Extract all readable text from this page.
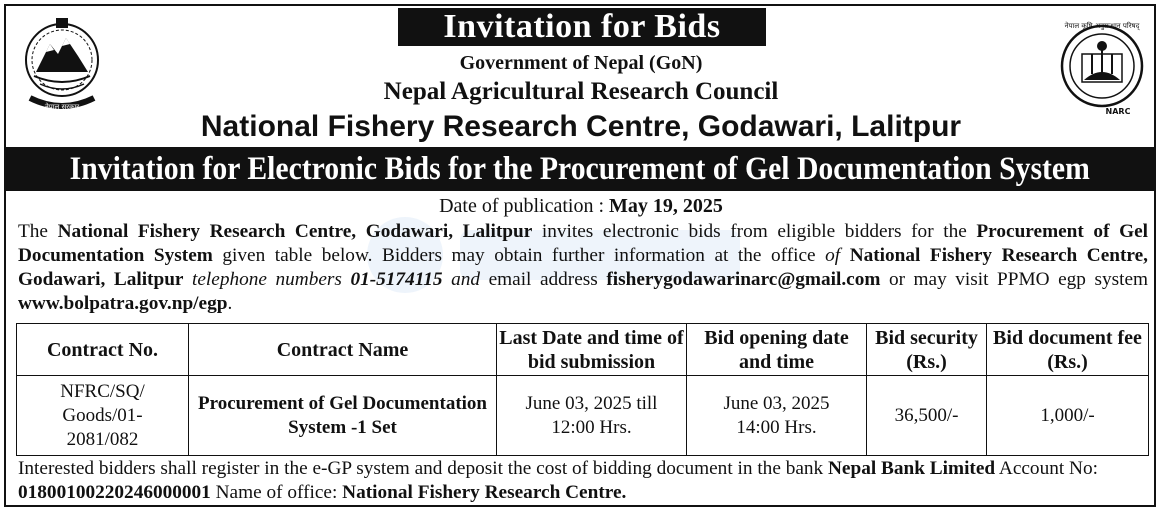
नेपाल सरकार
नेपाल कृषि अनुसन्धान परिषद्
NARC
Invitation for Bids
Government of Nepal (GoN)
Nepal Agricultural Research Council
National Fishery Research Centre, Godawari, Lalitpur
Invitation for Electronic Bids for the Procurement of Gel Documentation System
Date of publication : May 19, 2025
The National Fishery Research Centre, Godawari, Lalitpur invites electronic bids from eligible bidders for the Procurement of Gel Documentation System given table below. Bidders may obtain further information at the office of National Fishery Research Centre, Godawari, Lalitpur telephone numbers 01-5174115 and email address fisherygodawarinarc@gmail.com or may visit PPMO egp system www.bolpatra.gov.np/egp.
Contract No.	Contract Name	Last Date and time of bid submission	Bid opening date and time	Bid security (Rs.)	Bid document fee (Rs.)
NFRC/SQ/ Goods/01- 2081/082	Procurement of Gel Documentation System -1 Set	June 03, 2025 till 12:00 Hrs.	June 03, 2025 14:00 Hrs.	36,500/-	1,000/-
Interested bidders shall register in the e-GP system and deposit the cost of bidding document in the bank Nepal Bank Limited Account No: 01800100220246000001 Name of office: National Fishery Research Centre.
